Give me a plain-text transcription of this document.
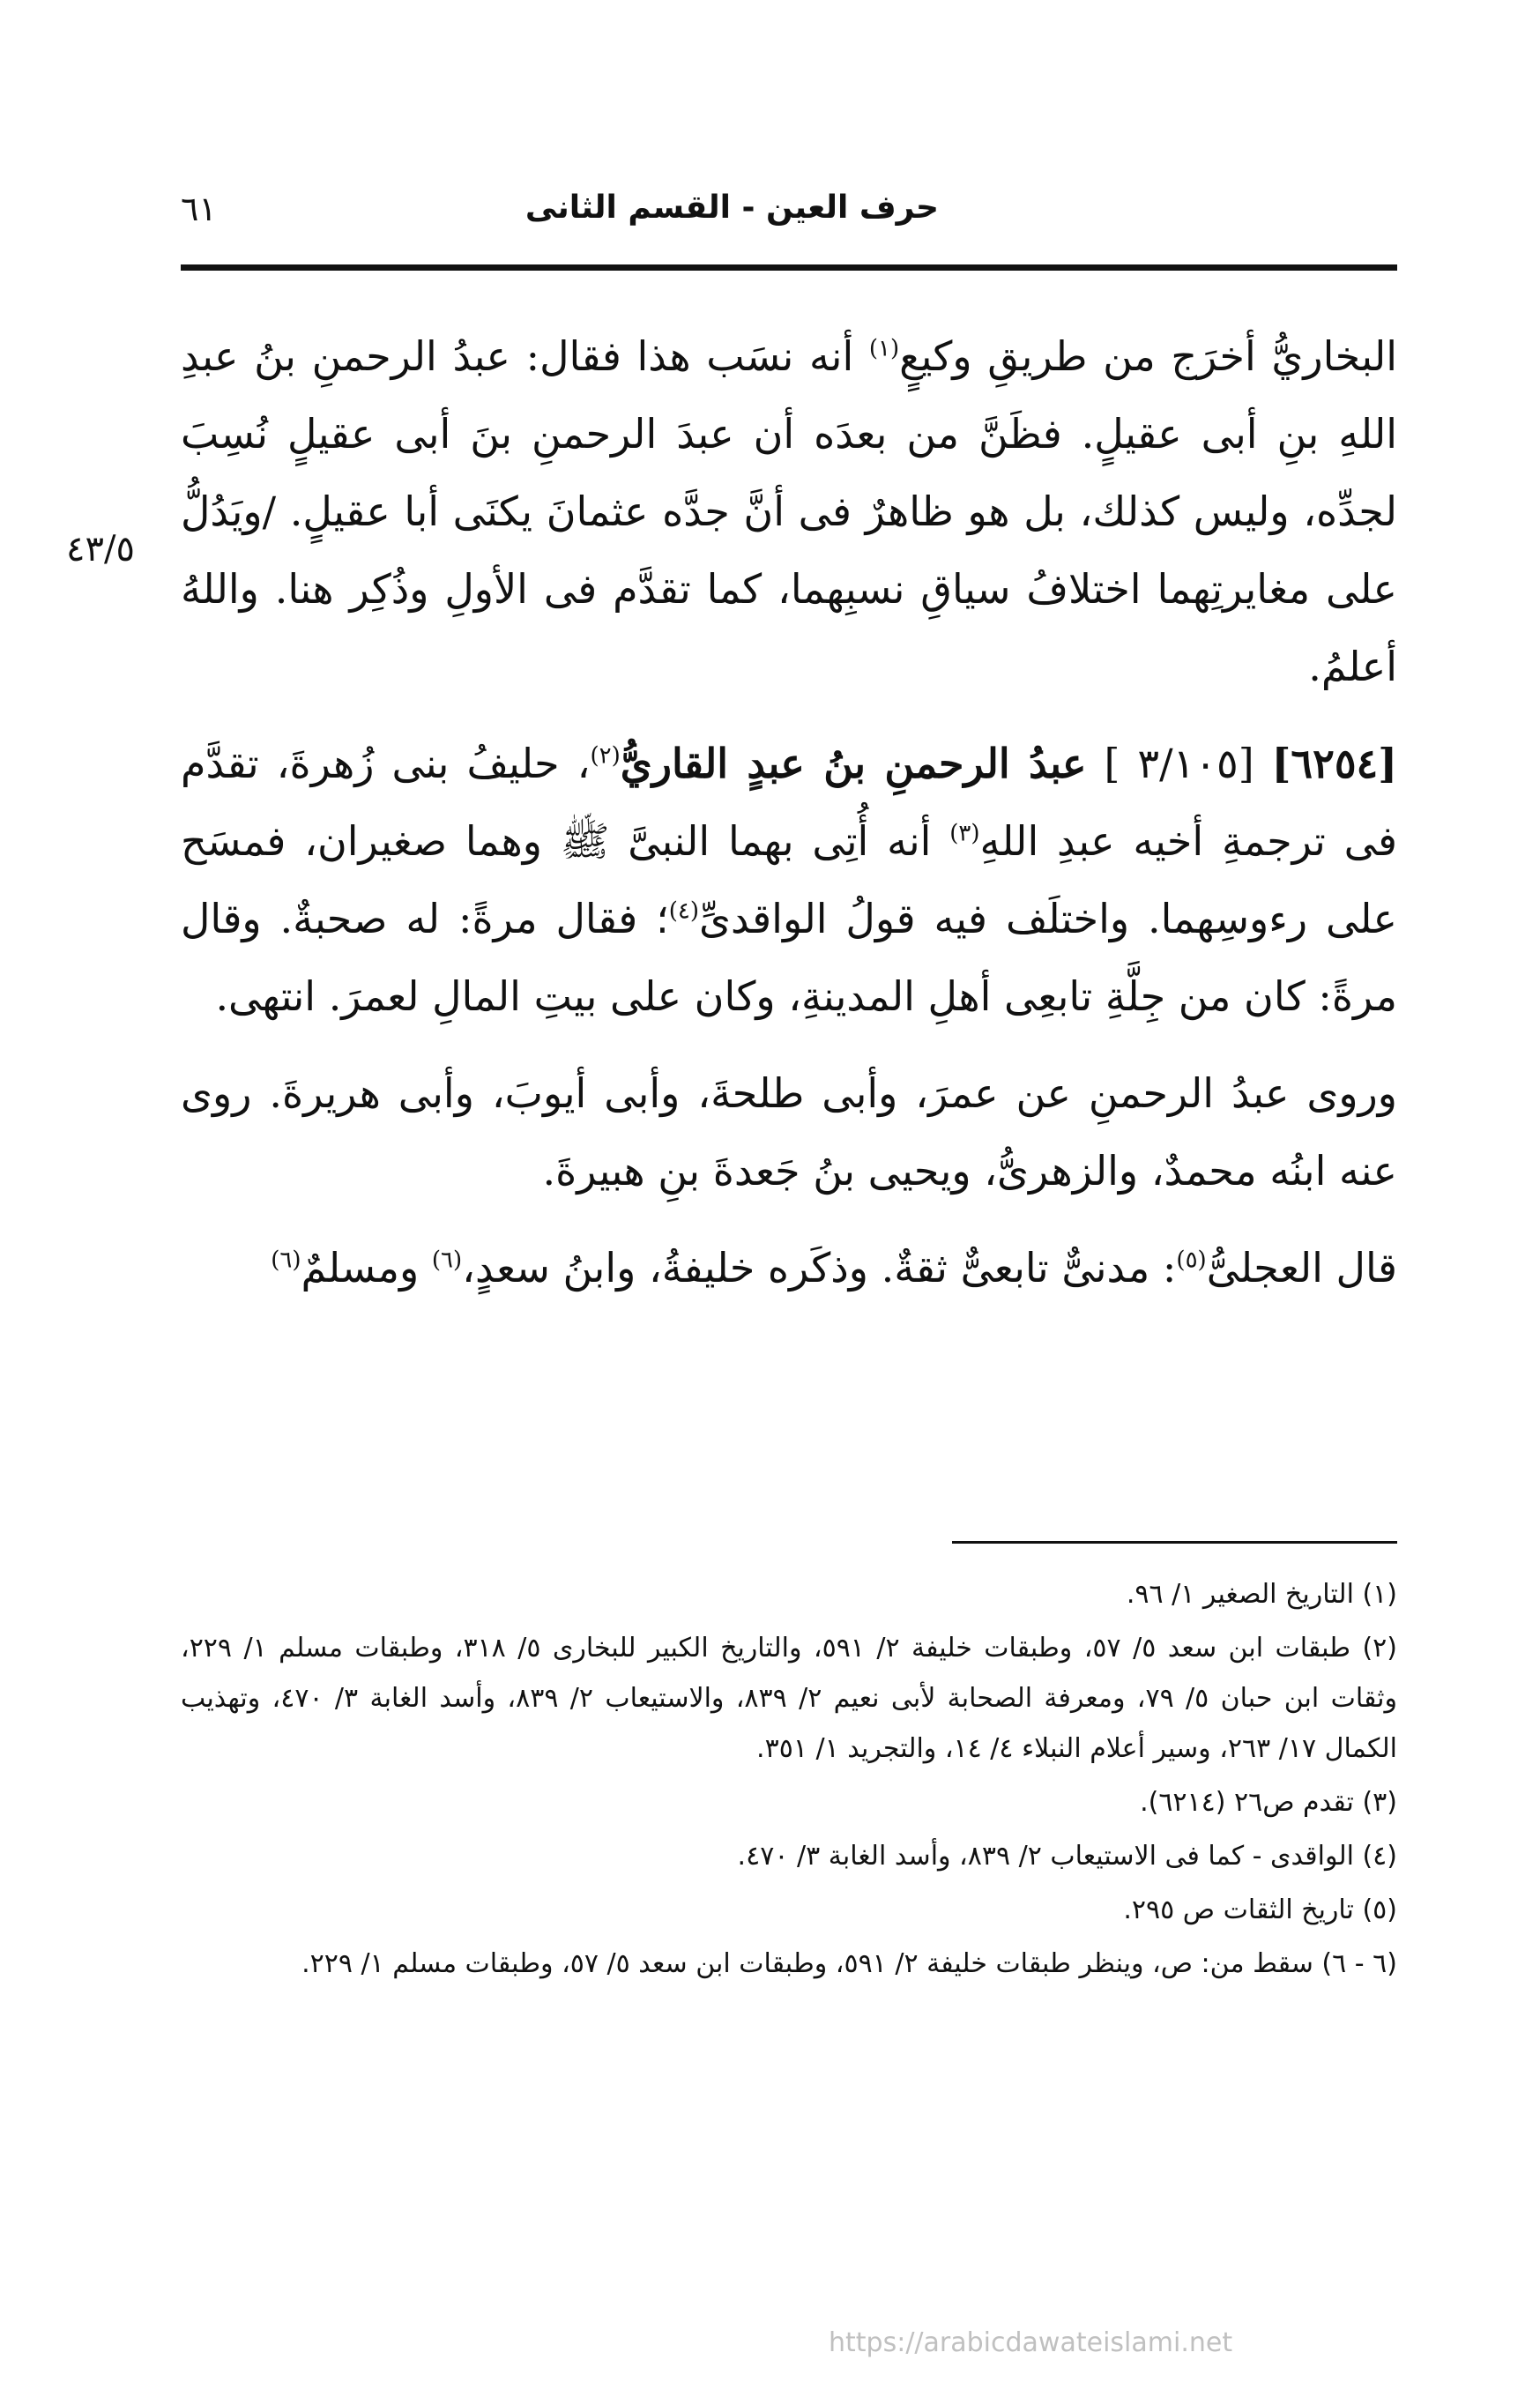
حرف العين - القسم الثانى
٦١
٤٣/٥

البخاريُّ أخرَج من طريقِ وكيعٍ$^{(١)}$ أنه نسَب هذا فقال: عبدُ الرحمنِ بنُ عبدِ اللهِ بنِ أبى عقيلٍ. فظَنَّ من بعدَه أن عبدَ الرحمنِ بنَ أبى عقيلٍ نُسِبَ لجدِّه، وليس كذلك، بل هو ظاهرٌ فى أنَّ جدَّه عثمانَ يكنَى أبا عقيلٍ. /ويَدُلُّ على مغايرتِهما اختلافُ سياقِ نسبِهما، كما تقدَّم فى الأولِ وذُكِر هنا. واللهُ أعلمُ.

[٦٢٥٤] [٣/١٠٥ ] عبدُ الرحمنِ بنُ عبدٍ القاريُّ$^{(٢)}$، حليفُ بنى زُهرةَ، تقدَّم فى ترجمةِ أخيه عبدِ اللهِ$^{(٣)}$ أنه أُتِى بهما النبىَّ ﷺ وهما صغيران، فمسَح على رءوسِهما. واختلَف فيه قولُ الواقدىِّ$^{(٤)}$؛ فقال مرةً: له صحبةٌ. وقال مرةً: كان من جِلَّةِ تابعِى أهلِ المدينةِ، وكان على بيتِ المالِ لعمرَ. انتهى.

وروى عبدُ الرحمنِ عن عمرَ، وأبى طلحةَ، وأبى أيوبَ، وأبى هريرةَ. روى عنه ابنُه محمدٌ، والزهرىُّ، ويحيى بنُ جَعدةَ بنِ هبيرةَ.

قال العجلىُّ$^{(٥)}$: مدنىٌّ تابعىٌّ ثقةٌ. وذكَره خليفةُ، وابنُ سعدٍ،$^{(٦)}$ ومسلمٌ$^{(٦)}$

(١) التاريخ الصغير ١/ ٩٦.

(٢) طبقات ابن سعد ٥/ ٥٧، وطبقات خليفة ٢/ ٥٩١، والتاريخ الكبير للبخارى ٥/ ٣١٨، وطبقات مسلم ١/ ٢٢٩، وثقات ابن حبان ٥/ ٧٩، ومعرفة الصحابة لأبى نعيم ٢/ ٨٣٩، والاستيعاب ٢/ ٨٣٩، وأسد الغابة ٣/ ٤٧٠، وتهذيب الكمال ١٧/ ٢٦٣، وسير أعلام النبلاء ٤/ ١٤، والتجريد ١/ ٣٥١.

(٣) تقدم ص٢٦ (٦٢١٤).

(٤) الواقدى - كما فى الاستيعاب ٢/ ٨٣٩، وأسد الغابة ٣/ ٤٧٠.

(٥) تاريخ الثقات ص ٢٩٥.

(٦ - ٦) سقط من: ص، وينظر طبقات خليفة ٢/ ٥٩١، وطبقات ابن سعد ٥/ ٥٧، وطبقات مسلم ١/ ٢٢٩.

https://arabicdawateislami.net
